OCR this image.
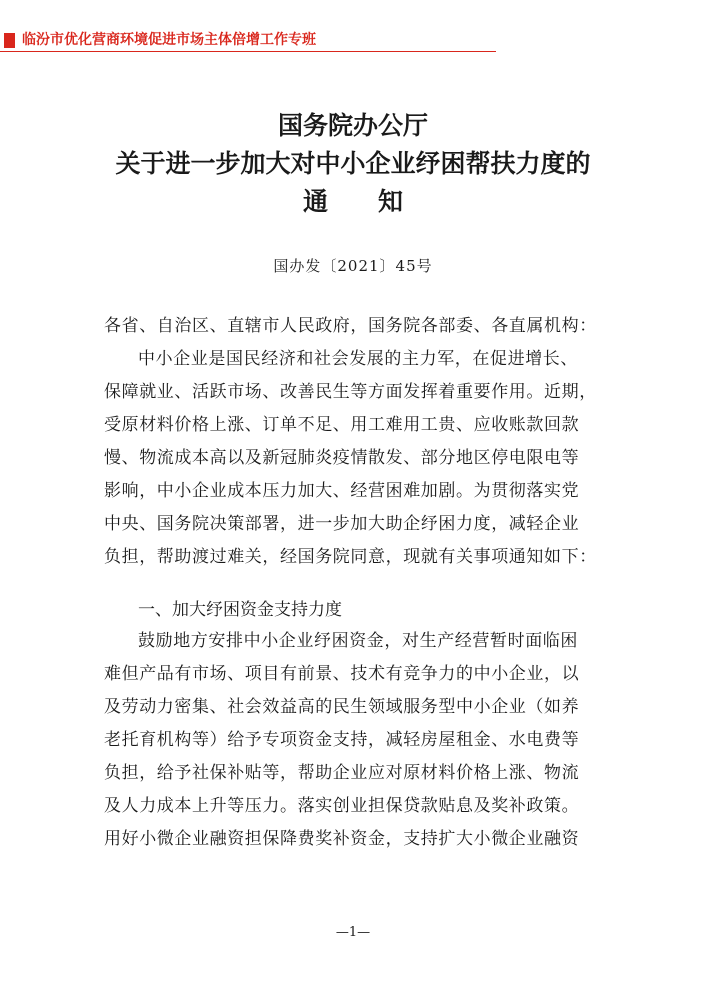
临汾市优化营商环境促进市场主体倍增工作专班
国务院办公厅
关于进一步加大对中小企业纾困帮扶力度的
通 知
国办发〔2021〕45号
各省、自治区、直辖市人民政府，国务院各部委、各直属机构：
中小企业是国民经济和社会发展的主力军，在促进增长、
保障就业、活跃市场、改善民生等方面发挥着重要作用。近期，
受原材料价格上涨、订单不足、用工难用工贵、应收账款回款
慢、物流成本高以及新冠肺炎疫情散发、部分地区停电限电等
影响，中小企业成本压力加大、经营困难加剧。为贯彻落实党
中央、国务院决策部署，进一步加大助企纾困力度，减轻企业
负担，帮助渡过难关，经国务院同意，现就有关事项通知如下：
一、加大纾困资金支持力度
鼓励地方安排中小企业纾困资金，对生产经营暂时面临困
难但产品有市场、项目有前景、技术有竞争力的中小企业，以
及劳动力密集、社会效益高的民生领域服务型中小企业（如养
老托育机构等）给予专项资金支持，减轻房屋租金、水电费等
负担，给予社保补贴等，帮助企业应对原材料价格上涨、物流
及人力成本上升等压力。落实创业担保贷款贴息及奖补政策。
用好小微企业融资担保降费奖补资金，支持扩大小微企业融资
—1—
